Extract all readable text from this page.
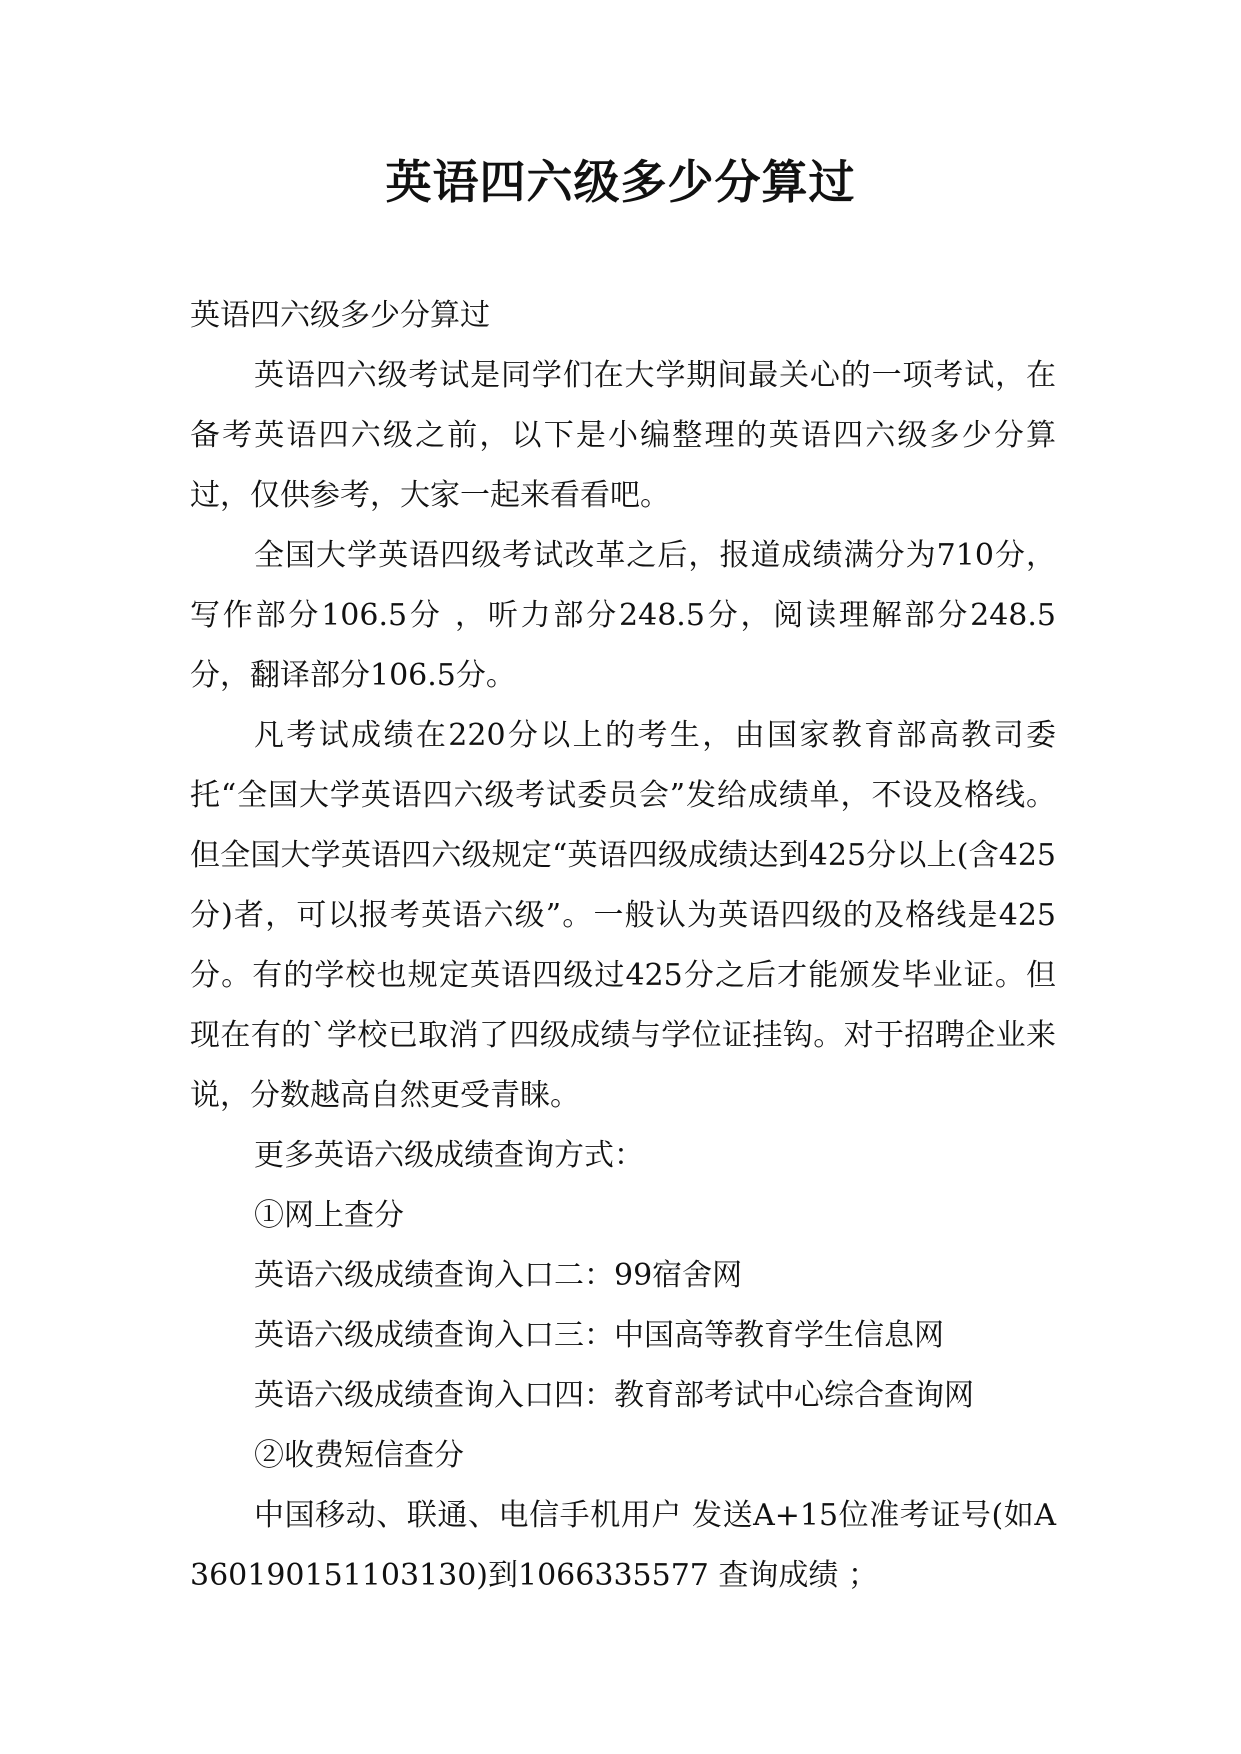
英语四六级多少分算过

英语四六级多少分算过

英语四六级考试是同学们在大学期间最关心的一项考试，在备考英语四六级之前，以下是小编整理的英语四六级多少分算过，仅供参考，大家一起来看看吧。

全国大学英语四级考试改革之后，报道成绩满分为710分，写作部分106.5分 ，听力部分248.5分，阅读理解部分248.5分，翻译部分106.5分。

凡考试成绩在220分以上的考生，由国家教育部高教司委托“全国大学英语四六级考试委员会”发给成绩单，不设及格线。但全国大学英语四六级规定“英语四级成绩达到425分以上(含425分)者，可以报考英语六级”。一般认为英语四级的及格线是425分。有的学校也规定英语四级过425分之后才能颁发毕业证。但现在有的`学校已取消了四级成绩与学位证挂钩。对于招聘企业来说，分数越高自然更受青睐。

更多英语六级成绩查询方式：

①网上查分

英语六级成绩查询入口二：99宿舍网

英语六级成绩查询入口三：中国高等教育学生信息网

英语六级成绩查询入口四：教育部考试中心综合查询网

②收费短信查分

中国移动、联通、电信手机用户 发送A+15位准考证号(如A360190151103130)到1066335577 查询成绩 ；
